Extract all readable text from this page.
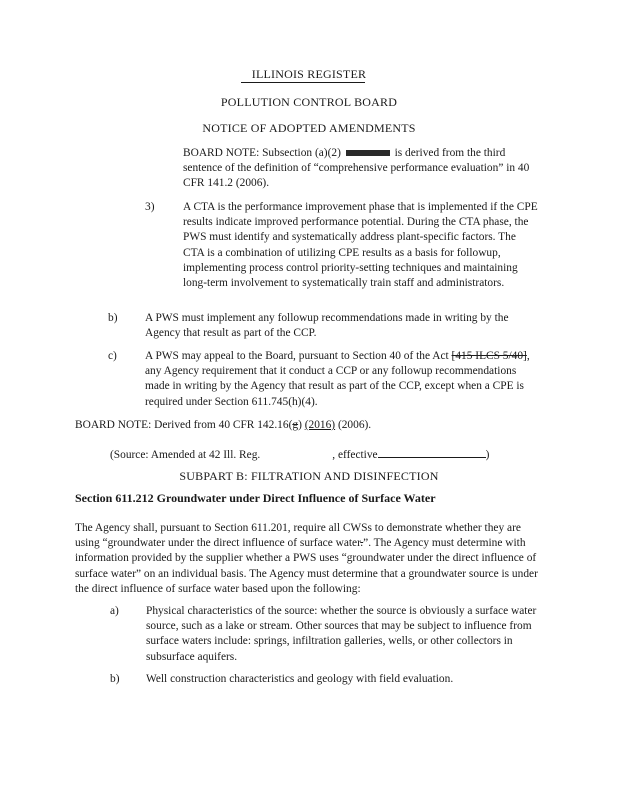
ILLINOIS REGISTER
POLLUTION CONTROL BOARD
NOTICE OF ADOPTED AMENDMENTS
BOARD NOTE: Subsection (a)(2)	is derived from the third sentence of the definition of “comprehensive performance evaluation” in 40 CFR 141.2 (2006).
3)	A CTA is the performance improvement phase that is implemented if the CPE results indicate improved performance potential. During the CTA phase, the PWS must identify and systematically address plant-specific factors. The CTA is a combination of utilizing CPE results as a basis for followup, implementing process control priority-setting techniques and maintaining long-term involvement to systematically train staff and administrators.
b) A PWS must implement any followup recommendations made in writing by the Agency that result as part of the CCP.
c) A PWS may appeal to the Board, pursuant to Section 40 of the Act [415 ILCS 5/40], any Agency requirement that it conduct a CCP or any followup recommendations made in writing by the Agency that result as part of the CCP, except when a CPE is required under Section 611.745(h)(4).
BOARD NOTE: Derived from 40 CFR 142.16(g) (2016) (2006).
(Source: Amended at 42 Ill. Reg.	, effective	)
SUBPART B: FILTRATION AND DISINFECTION
Section 611.212 Groundwater under Direct Influence of Surface Water
The Agency shall, pursuant to Section 611.201, require all CWSs to demonstrate whether they are using “groundwater under the direct influence of surface water.”. The Agency must determine with information provided by the supplier whether a PWS uses “groundwater under the direct influence of surface water” on an individual basis. The Agency must determine that a groundwater source is under the direct influence of surface water based upon the following:
a) Physical characteristics of the source: whether the source is obviously a surface water source, such as a lake or stream. Other sources that may be subject to influence from surface waters include: springs, infiltration galleries, wells, or other collectors in subsurface aquifers.
b) Well construction characteristics and geology with field evaluation.
